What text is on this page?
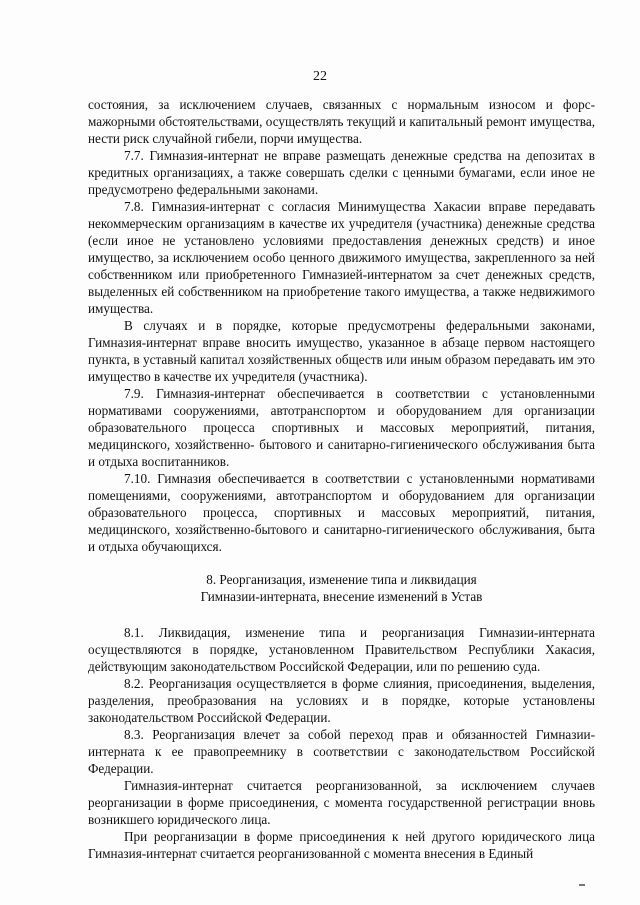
22

состояния, за исключением случаев, связанных с нормальным износом и форс-мажорными обстоятельствами, осуществлять текущий и капитальный ремонт имущества, нести риск случайной гибели, порчи имущества.

7.7. Гимназия-интернат не вправе размещать денежные средства на депозитах в кредитных организациях, а также совершать сделки с ценными бумагами, если иное не предусмотрено федеральными законами.

7.8. Гимназия-интернат с согласия Минимущества Хакасии вправе передавать некоммерческим организациям в качестве их учредителя (участника) денежные средства (если иное не установлено условиями предоставления денежных средств) и иное имущество, за исключением особо ценного движимого имущества, закрепленного за ней собственником или приобретенного Гимназией-интернатом за счет денежных средств, выделенных ей собственником на приобретение такого имущества, а также недвижимого имущества.

В случаях и в порядке, которые предусмотрены федеральными законами, Гимназия-интернат вправе вносить имущество, указанное в абзаце первом настоящего пункта, в уставный капитал хозяйственных обществ или иным образом передавать им это имущество в качестве их учредителя (участника).

7.9. Гимназия-интернат обеспечивается в соответствии с установленными нормативами сооружениями, автотранспортом и оборудованием для организации образовательного процесса спортивных и массовых мероприятий, питания, медицинского, хозяйственно- бытового и санитарно-гигиенического обслуживания быта и отдыха воспитанников.

7.10. Гимназия обеспечивается в соответствии с установленными нормативами помещениями, сооружениями, автотранспортом и оборудованием для организации образовательного процесса, спортивных и массовых мероприятий, питания, медицинского, хозяйственно-бытового и санитарно-гигиенического обслуживания, быта и отдыха обучающихся.

8. Реорганизация, изменение типа и ликвидация
Гимназии-интерната, внесение изменений в Устав

8.1. Ликвидация, изменение типа и реорганизация Гимназии-интерната осуществляются в порядке, установленном Правительством Республики Хакасия, действующим законодательством Российской Федерации, или по решению суда.

8.2. Реорганизация осуществляется в форме слияния, присоединения, выделения, разделения, преобразования на условиях и в порядке, которые установлены законодательством Российской Федерации.

8.3. Реорганизация влечет за собой переход прав и обязанностей Гимназии-интерната к ее правопреемнику в соответствии с законодательством Российской Федерации.

Гимназия-интернат считается реорганизованной, за исключением случаев реорганизации в форме присоединения, с момента государственной регистрации вновь возникшего юридического лица.

При реорганизации в форме присоединения к ней другого юридического лица Гимназия-интернат считается реорганизованной с момента внесения в Единый
